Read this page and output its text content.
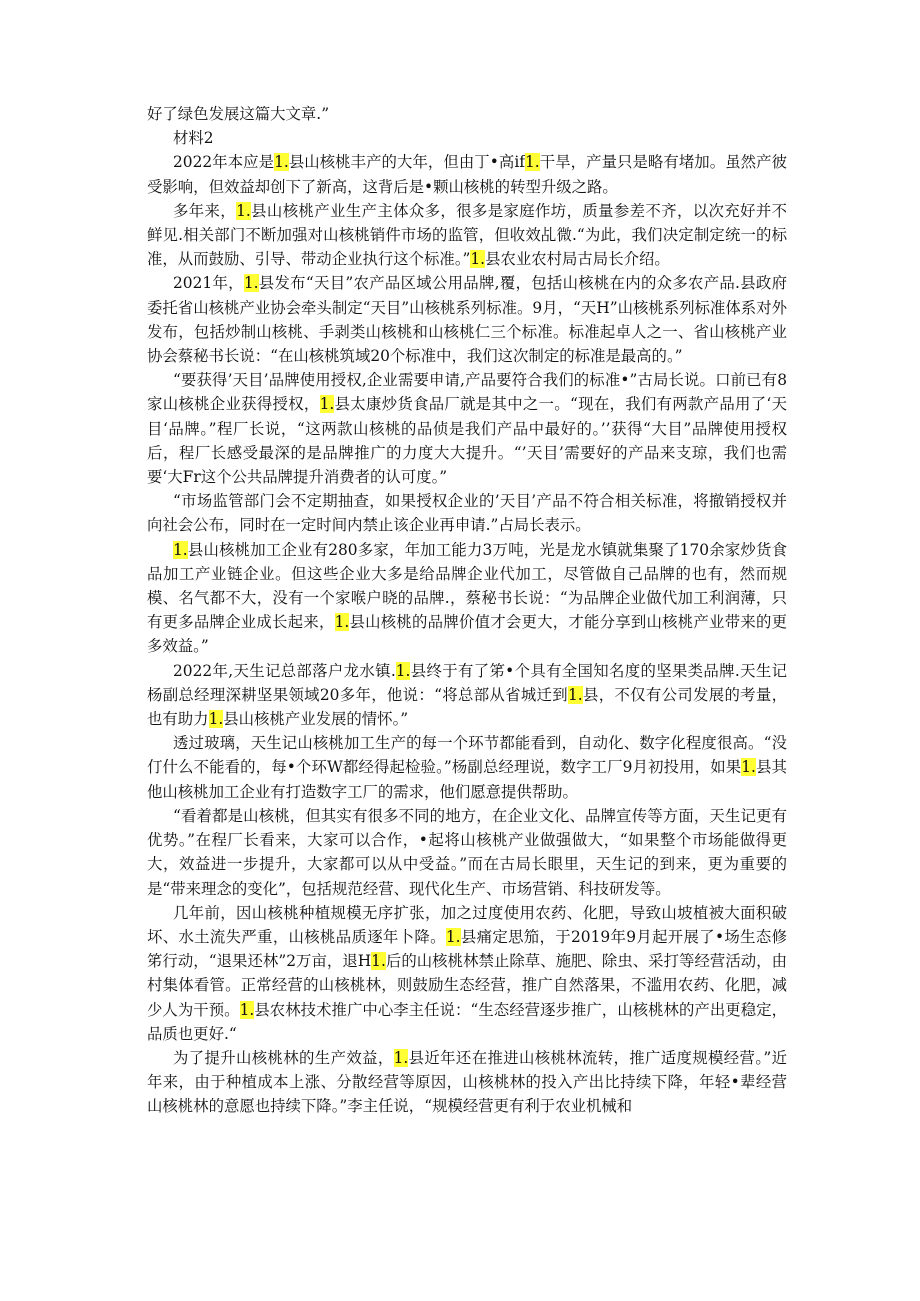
好了绿色发展这篇大文章.”

材料2

2022年本应是1.县山核桃丰产的大年，但由丁•高if1.干旱，产量只是略有堵加。虽然产彼受影响，但效益却创下了新高，这背后是•颗山核桃的转型升级之路。

多年来，1.县山核桃产业生产主体众多，很多是家庭作坊，质量参差不齐，以次充好并不鲜见.相关部门不断加强对山核桃销件市场的监管，但收效乩微.“为此，我们决定制定统一的标准，从而鼓励、引导、带动企业执行这个标准。”1.县农业农村局古局长介绍。

2021年，1.县发布“天目”农产品区域公用品牌,覆，包括山核桃在内的众多农产品.县政府委托省山核桃产业协会牵头制定“天目”山核桃系列标准。9月，“天H”山核桃系列标准体系对外发布，包括炒制山核桃、手剥类山核桃和山核桃仁三个标准。标准起卓人之一、省山核桃产业协会蔡秘书长说：“在山核桃筑域20个标准中，我们这次制定的标准是最高的。”

“要获得’天目’品牌使用授权,企业需要申请,产品要符合我们的标准•”古局长说。口前已有8家山核桃企业获得授权，1.县太康炒货食品厂就是其中之一。“现在，我们有两款产品用了‘天目‘品牌。”程厂长说，“这两款山核桃的品侦是我们产品中最好的。’’获得“大目”品牌使用授权后，程厂长感受最深的是品牌推广的力度大大提升。“’天目’需要好的产品来支琼，我们也需要‘大Fr这个公共品牌提升消费者的认可度。”

“市场监管部门会不定期抽查，如果授权企业的’天目’产品不符合相关标准，将撤销授权并向社会公布，同时在一定时间内禁止该企业再申请.”占局长表示。

1.县山核桃加工企业有280多家，年加工能力3万吨，光是龙水镇就集聚了170余家炒货食品加工产业链企业。但这些企业大多是给品牌企业代加工，尽管做自己品牌的也有，然而规模、名气都不大，没有一个家喉户晓的品牌.，蔡秘书长说：“为品牌企业做代加工利润薄，只有更多品牌企业成长起来，1.县山核桃的品牌价值才会更大，才能分享到山核桃产业带来的更多效益。”

2022年,天生记总部落户龙水镇.1.县终于有了笫•个具有全国知名度的坚果类品牌.天生记杨副总经理深耕坚果领域20多年，他说：“将总部从省城迁到1.县，不仅有公司发展的考量，也有助力1.县山核桃产业发展的情怀。”

透过玻璃，天生记山核桃加工生产的每一个环节都能看到，自动化、数字化程度很高。“没仃什么不能看的，每•个环W都经得起检验。”杨副总经理说，数字工厂9月初投用，如果1.县其他山核桃加工企业有打造数字工厂的需求，他们愿意提供帮助。

“看着都是山核桃，但其实有很多不同的地方，在企业文化、品牌宣传等方面，天生记更有优势。”在程厂长看来，大家可以合作，•起将山核桃产业做强做大，“如果整个市场能做得更大，效益进一步提升，大家都可以从中受益。”而在古局长眼里，天生记的到来，更为重要的是“带来理念的变化”，包括规范经营、现代化生产、市场营销、科技研发等。

几年前，因山核桃种植规模无序扩张，加之过度使用农药、化肥，导致山坡植被大面积破坏、水土流失严重，山核桃品质逐年卜降。1.县痛定思笳，于2019年9月起开展了•场生态修笫行动，“退果还林”2万亩，退H1.后的山核桃林禁止除草、施肥、除虫、采打等经营活动，由村集体看管。正常经营的山核桃林，则鼓励生态经营，推广自然落果，不滥用农药、化肥，减少人为干预。1.县农林技术推广中心李主任说：“生态经营逐步推广，山核桃林的产出更稳定，品质也更好.“

为了提升山核桃林的生产效益，1.县近年还在推进山核桃林流转，推广适度规模经营。”近年来，由于种植成本上涨、分散经营等原因，山核桃林的投入产出比持续下降，年轻•辈经营山核桃林的意愿也持续下降。”李主任说，“规模经营更有利于农业机械和
